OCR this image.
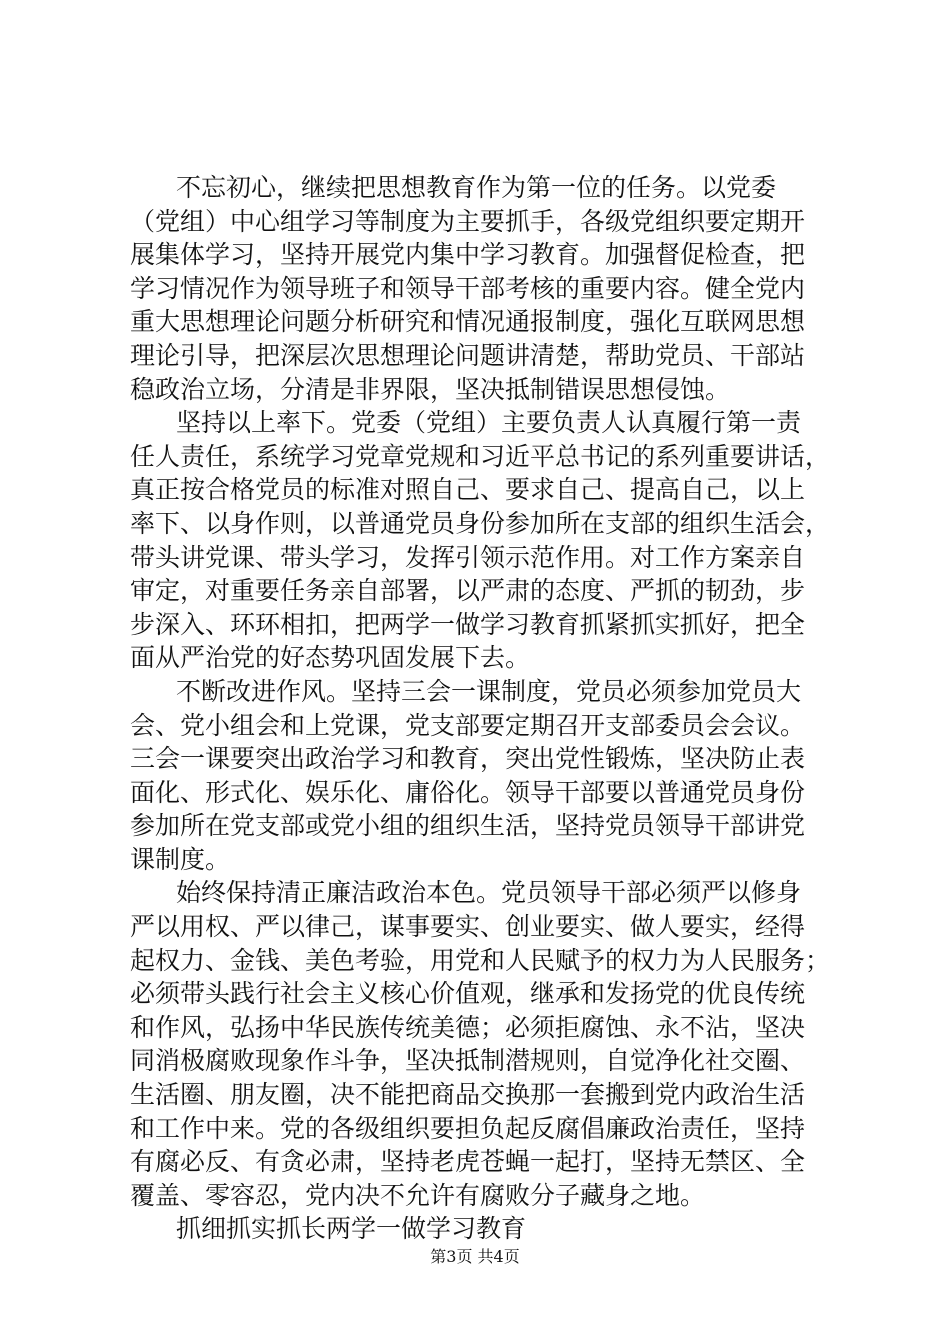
不忘初心，继续把思想教育作为第一位的任务。以党委
（党组）中心组学习等制度为主要抓手，各级党组织要定期开
展集体学习，坚持开展党内集中学习教育。加强督促检查，把
学习情况作为领导班子和领导干部考核的重要内容。健全党内
重大思想理论问题分析研究和情况通报制度，强化互联网思想
理论引导，把深层次思想理论问题讲清楚，帮助党员、干部站
稳政治立场，分清是非界限，坚决抵制错误思想侵蚀。
坚持以上率下。党委（党组）主要负责人认真履行第一责
任人责任，系统学习党章党规和习近平总书记的系列重要讲话，
真正按合格党员的标准对照自己、要求自己、提高自己，以上
率下、以身作则，以普通党员身份参加所在支部的组织生活会，
带头讲党课、带头学习，发挥引领示范作用。对工作方案亲自
审定，对重要任务亲自部署，以严肃的态度、严抓的韧劲，步
步深入、环环相扣，把两学一做学习教育抓紧抓实抓好，把全
面从严治党的好态势巩固发展下去。
不断改进作风。坚持三会一课制度，党员必须参加党员大
会、党小组会和上党课，党支部要定期召开支部委员会会议。
三会一课要突出政治学习和教育，突出党性锻炼，坚决防止表
面化、形式化、娱乐化、庸俗化。领导干部要以普通党员身份
参加所在党支部或党小组的组织生活，坚持党员领导干部讲党
课制度。
始终保持清正廉洁政治本色。党员领导干部必须严以修身
严以用权、严以律己，谋事要实、创业要实、做人要实，经得
起权力、金钱、美色考验，用党和人民赋予的权力为人民服务；
必须带头践行社会主义核心价值观，继承和发扬党的优良传统
和作风，弘扬中华民族传统美德；必须拒腐蚀、永不沾，坚决
同消极腐败现象作斗争，坚决抵制潜规则，自觉净化社交圈、
生活圈、朋友圈，决不能把商品交换那一套搬到党内政治生活
和工作中来。党的各级组织要担负起反腐倡廉政治责任，坚持
有腐必反、有贪必肃，坚持老虎苍蝇一起打，坚持无禁区、全
覆盖、零容忍，党内决不允许有腐败分子藏身之地。
抓细抓实抓长两学一做学习教育
第3页 共4页
